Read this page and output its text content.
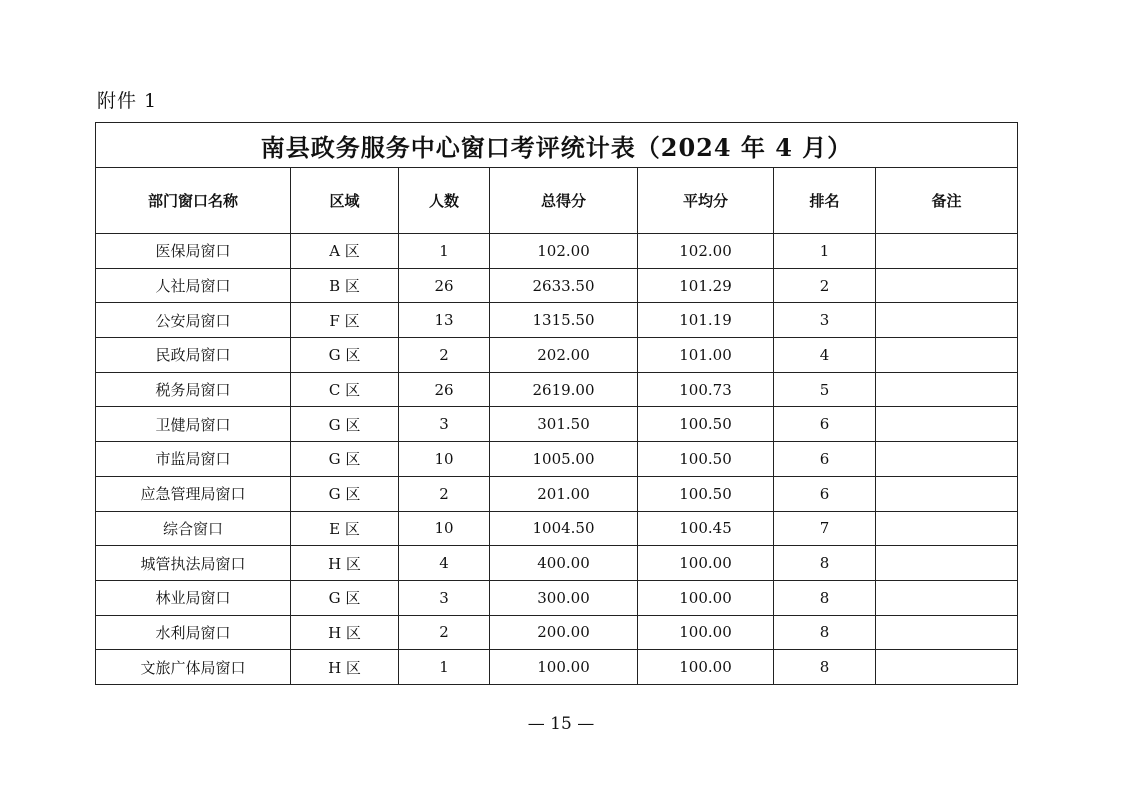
附件 1
南县政务服务中心窗口考评统计表（2024 年 4 月）						
部门窗口名称	区域	人数	总得分	平均分	排名	备注
医保局窗口	A 区	1	102.00	102.00	1	
人社局窗口	B 区	26	2633.50	101.29	2	
公安局窗口	F 区	13	1315.50	101.19	3	
民政局窗口	G 区	2	202.00	101.00	4	
税务局窗口	C 区	26	2619.00	100.73	5	
卫健局窗口	G 区	3	301.50	100.50	6	
市监局窗口	G 区	10	1005.00	100.50	6	
应急管理局窗口	G 区	2	201.00	100.50	6	
综合窗口	E 区	10	1004.50	100.45	7	
城管执法局窗口	H 区	4	400.00	100.00	8	
林业局窗口	G 区	3	300.00	100.00	8	
水利局窗口	H 区	2	200.00	100.00	8	
文旅广体局窗口	H 区	1	100.00	100.00	8	
— 15 —
